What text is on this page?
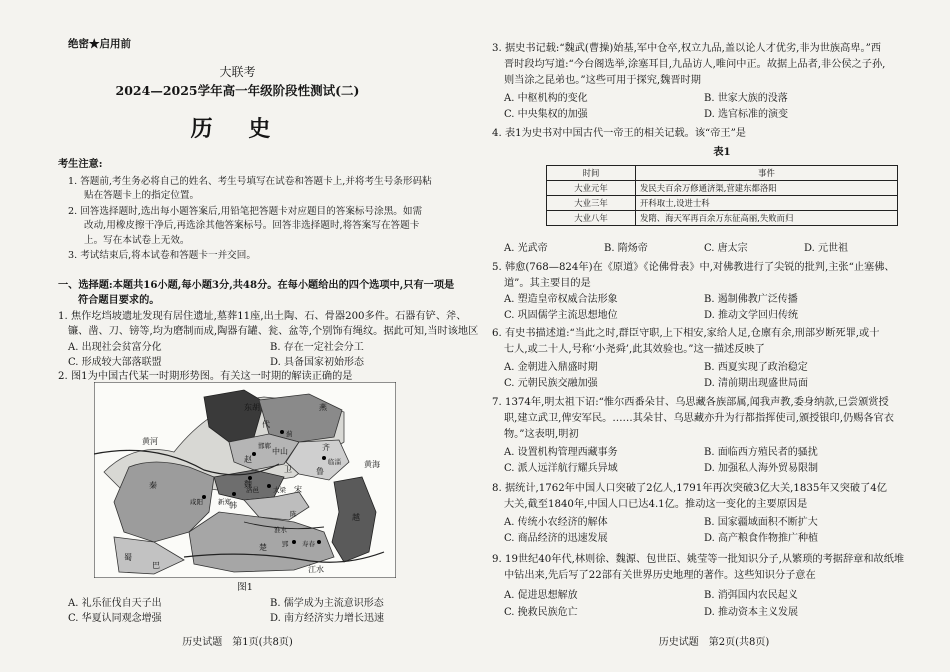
绝密★启用前
大联考
2024—2025学年高一年级阶段性测试(二)
历 史
考生注意:
1. 答题前,考生务必将自己的姓名、考生号填写在试卷和答题卡上,并将考生号条形码粘
贴在答题卡上的指定位置。
2. 回答选择题时,选出每小题答案后,用铅笔把答题卡对应题目的答案标号涂黑。如需
改动,用橡皮擦干净后,再选涂其他答案标号。回答非选择题时,将答案写在答题卡
上。写在本试卷上无效。
3. 考试结束后,将本试卷和答题卡一并交回。
一、选择题:本题共16小题,每小题3分,共48分。在每小题给出的四个选项中,只有一项是
符合题目要求的。
1. 焦作圪垱坡遗址发现有居住遗址,墓葬11座,出土陶、石、骨器200多件。石器有铲、斧、
镰、凿、刀、镑等,均为磨制而成,陶器有罐、瓮、盆等,个别饰有绳纹。据此可知,当时该地区
A. 出现社会贫富分化	B. 存在一定社会分工
C. 形成较大部落联盟	D. 具备国家初始形态
2. 图1为中国古代某一时期形势图。有关这一时期的解读正确的是
东胡	燕
中山
代
赵
齐
鲁
卫
宋
魏
韩
秦
楚
越
蜀
巴
黄河
黄海
江水
洛邑 大梁
陈
淮水
寿春
郢
咸阳 新郑
临淄
邯郸
蓟
图1
A. 礼乐征伐自天子出	B. 儒学成为主流意识形态
C. 华夏认同观念增强	D. 南方经济实力增长迅速
历史试题　第1页(共8页)
3. 据史书记载:“魏武(曹操)始基,军中仓卒,权立九品,盖以论人才优劣,非为世族高卑。”西
晋时段均写道:“今台阁选举,涂塞耳目,九品访人,唯问中正。故据上品者,非公侯之子孙,
则当涂之昆弟也。”这些可用于探究,魏晋时期
A. 中枢机构的变化	B. 世家大族的没落
C. 中央集权的加强	D. 选官标准的演变
4. 表1为史书对中国古代一帝王的相关记载。该“帝王”是
表1
时间	事件
大业元年	发民夫百余万修通济渠,营建东都洛阳
大业三年	开科取士,设进士科
大业八年	发隋、海天军再百余万东征高丽,失败而归
A. 光武帝	B. 隋炀帝	C. 唐太宗	D. 元世祖
5. 韩愈(768—824年)在《原道》《论佛骨表》中,对佛教进行了尖锐的批判,主张“止塞佛、
道”。其主要目的是
A. 塑造皇帝权威合法形象	B. 遏制佛教广泛传播
C. 巩固儒学主流思想地位	D. 推动文学回归传统
6. 有史书描述道:“当此之时,群臣守职,上下相安,家给人足,仓廪有余,刑部岁断死罪,或十
七人,或二十人,号称‘小尧舜’,此其效验也。”这一描述反映了
A. 金朝进入鼎盛时期	B. 西夏实现了政治稳定
C. 元朝民族交融加强	D. 清前期出现盛世局面
7. 1374年,明太祖下诏:“惟尔西番朵甘、乌思藏各族部属,闻我声教,委身纳款,已尝颁赏授
职,建立武卫,俾安军民。……其朵甘、乌思藏亦升为行都指挥使司,颁授银印,仍赐各官衣
物。”这表明,明初
A. 设置机构管理西藏事务	B. 面临西方殖民者的骚扰
C. 派人远洋航行耀兵异域	D. 加强私人海外贸易限制
8. 据统计,1762年中国人口突破了2亿人,1791年再次突破3亿大关,1835年又突破了4亿
大关,截至1840年,中国人口已达4.1亿。推动这一变化的主要原因是
A. 传统小农经济的解体	B. 国家疆域面积不断扩大
C. 商品经济的迅速发展	D. 高产粮食作物推广种植
9. 19世纪40年代,林则徐、魏源、包世臣、姚莹等一批知识分子,从繁琐的考据辞章和故纸堆
中钻出来,先后写了22部有关世界历史地理的著作。这些知识分子意在
A. 促进思想解放	B. 消弭国内农民起义
C. 挽救民族危亡	D. 推动资本主义发展
历史试题　第2页(共8页)
